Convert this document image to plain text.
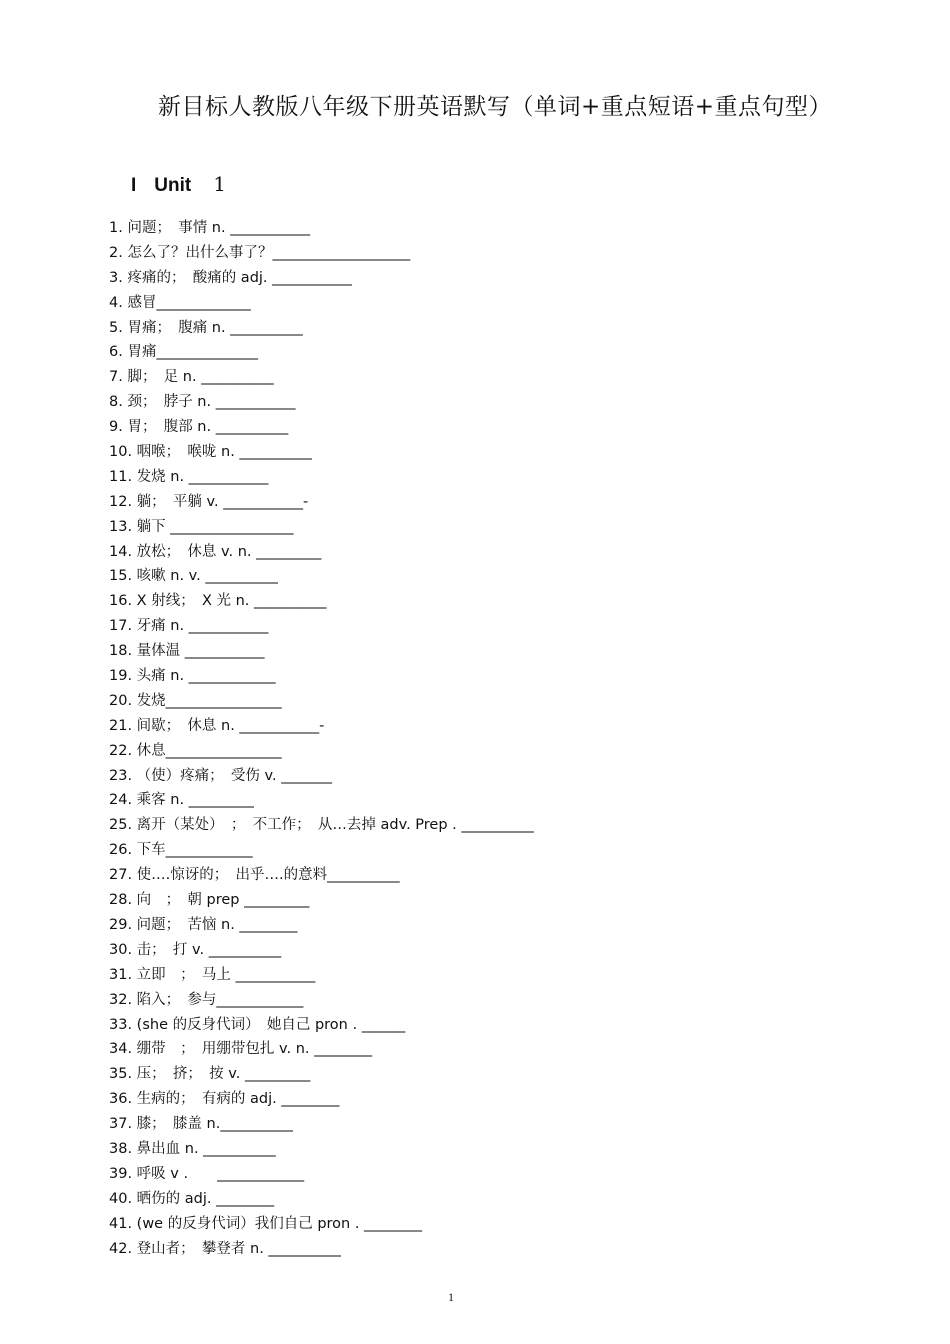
新目标人教版八年级下册英语默写（单词+重点短语+重点句型）
I Unit 1
1. 问题；　事情 n. ___________
2. 怎么了？出什么事了？___________________
3. 疼痛的；　酸痛的 adj. ___________
4. 感冒_____________
5. 胃痛；　腹痛 n. __________
6. 胃痛______________
7. 脚；　足 n. __________
8. 颈；　脖子 n. ___________
9. 胃；　腹部 n. __________
10. 咽喉；　喉咙 n. __________
11. 发烧 n. ___________
12. 躺；　平躺 v. ___________-
13. 躺下 _________________
14. 放松；　休息 v. n. _________
15. 咳嗽 n. v. __________
16. X 射线；　X 光 n. __________
17. 牙痛 n. ___________
18. 量体温 ___________
19. 头痛 n. ____________
20. 发烧________________
21. 间歇；　休息 n. ___________-
22. 休息________________
23. （使）疼痛；　受伤 v. _______
24. 乘客 n. _________
25. 离开（某处）　；　不工作；　从…去掉 adv. Prep . __________
26. 下车____________
27. 使….惊讶的；　出乎….的意料__________
28. 向　；　朝 prep _________
29. 问题；　苦恼 n. ________
30. 击；　打 v. __________
31. 立即　；　马上 ___________
32. 陷入；　参与____________
33. (she 的反身代词）　她自己 pron . ______
34. 绷带　；　用绷带包扎 v. n. ________
35. 压；　挤；　按 v. _________
36. 生病的；　有病的 adj. ________
37. 膝；　膝盖 n.__________
38. 鼻出血 n. __________
39. 呼吸 v .　　____________
40. 晒伤的 adj. ________
41. (we 的反身代词）我们自己 pron . ________
42. 登山者；　攀登者 n. __________
1
